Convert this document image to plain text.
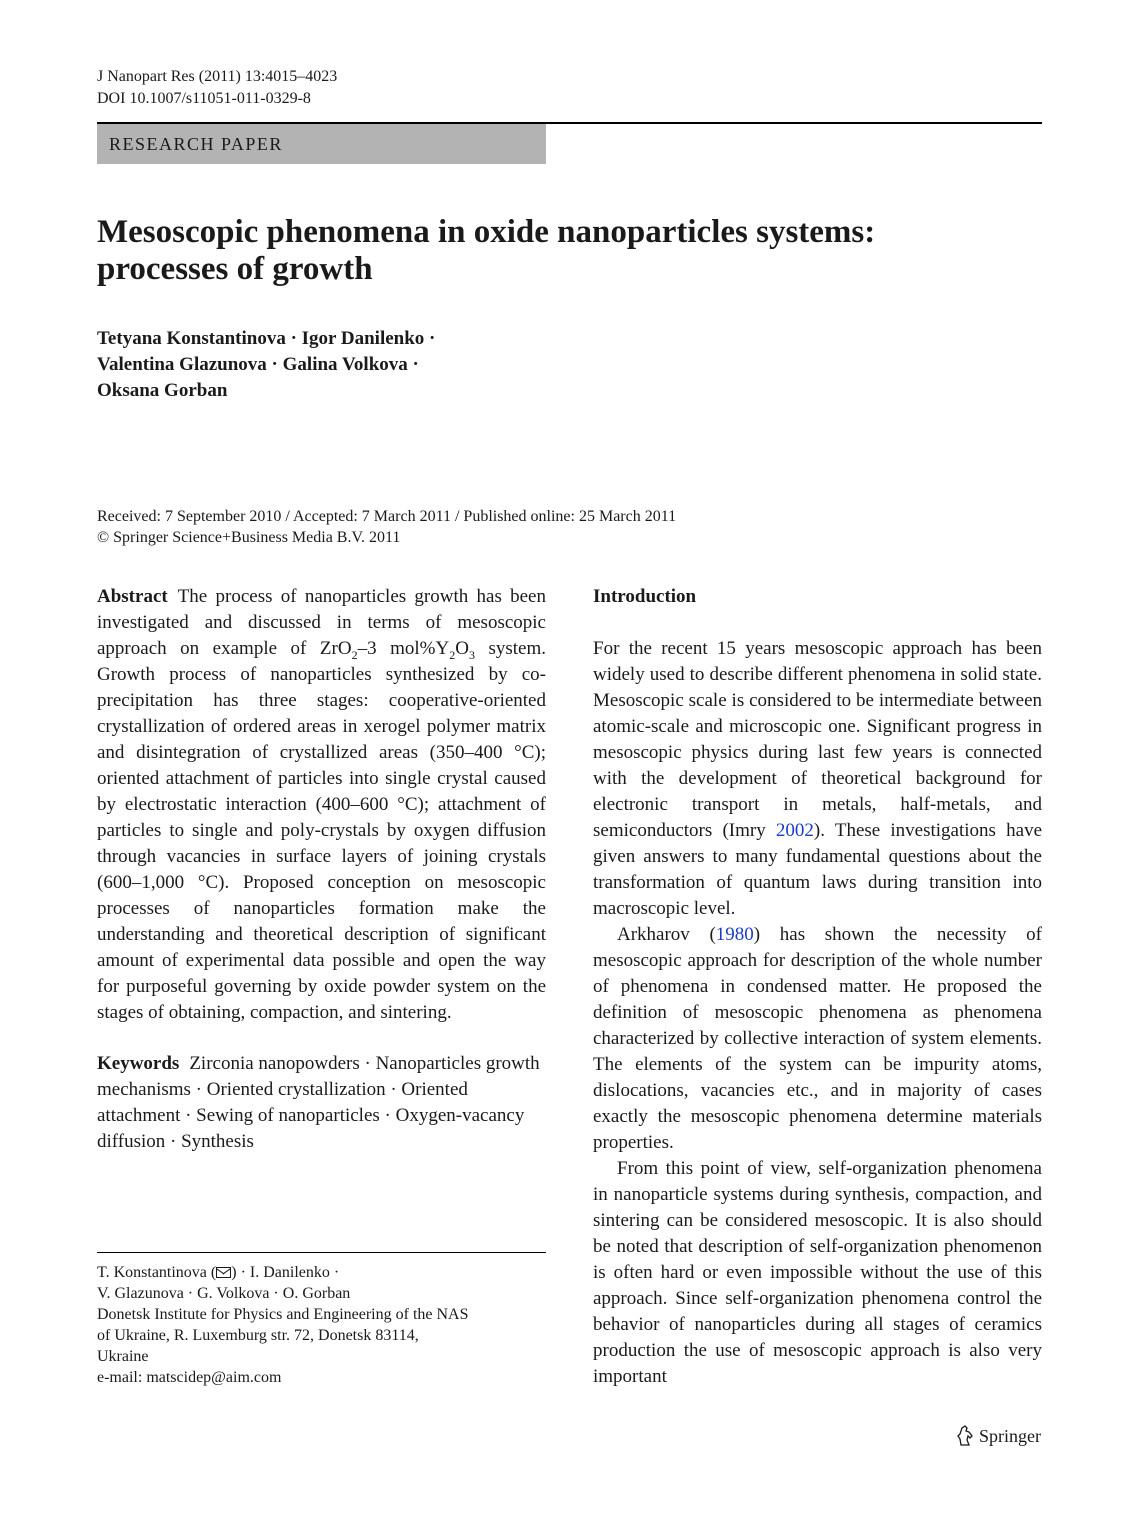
J Nanopart Res (2011) 13:4015–4023
DOI 10.1007/s11051-011-0329-8
RESEARCH PAPER
Mesoscopic phenomena in oxide nanoparticles systems:
processes of growth
Tetyana Konstantinova · Igor Danilenko ·
Valentina Glazunova · Galina Volkova ·
Oksana Gorban
Received: 7 September 2010 / Accepted: 7 March 2011 / Published online: 25 March 2011
© Springer Science+Business Media B.V. 2011

Abstract The process of nanoparticles growth has been investigated and discussed in terms of mesoscopic approach on example of ZrO$_2$–3 $mol\%Y_2O_3$ system. Growth process of nanoparticles synthesized by co-precipitation has three stages: cooperative-oriented crystallization of ordered areas in xerogel polymer matrix and disintegration of crystallized areas (350–400 °C); oriented attachment of particles into single crystal caused by electrostatic interaction (400–600 °C); attachment of particles to single and poly-crystals by oxygen diffusion through vacancies in surface layers of joining crystals (600–1,000 °C). Proposed conception on mesoscopic processes of nanoparticles formation make the understanding and theoretical description of significant amount of experimental data possible and open the way for purposeful governing by oxide powder system on the stages of obtaining, compaction, and sintering.

Keywords Zirconia nanopowders · Nanoparticles growth mechanisms · Oriented crystallization · Oriented attachment · Sewing of nanoparticles · Oxygen-vacancy diffusion · Synthesis

T. Konstantinova ( ) · I. Danilenko ·
V. Glazunova · G. Volkova · O. Gorban
Donetsk Institute for Physics and Engineering of the NAS
of Ukraine, R. Luxemburg str. 72, Donetsk 83114,
Ukraine
e-mail: matscidep@aim.com

Introduction

For the recent 15 years mesoscopic approach has been widely used to describe different phenomena in solid state. Mesoscopic scale is considered to be intermediate between atomic-scale and microscopic one. Significant progress in mesoscopic physics during last few years is connected with the development of theoretical background for electronic transport in metals, half-metals, and semiconductors (Imry 2002). These investigations have given answers to many fundamental questions about the transformation of quantum laws during transition into macroscopic level.

Arkharov (1980) has shown the necessity of mesoscopic approach for description of the whole number of phenomena in condensed matter. He proposed the definition of mesoscopic phenomena as phenomena characterized by collective interaction of system elements. The elements of the system can be impurity atoms, dislocations, vacancies etc., and in majority of cases exactly the mesoscopic phenomena determine materials properties.

From this point of view, self-organization phenomena in nanoparticle systems during synthesis, compaction, and sintering can be considered mesoscopic. It is also should be noted that description of self-organization phenomenon is often hard or even impossible without the use of this approach. Since self-organization phenomena control the behavior of nanoparticles during all stages of ceramics production the use of mesoscopic approach is also very important

Springer
